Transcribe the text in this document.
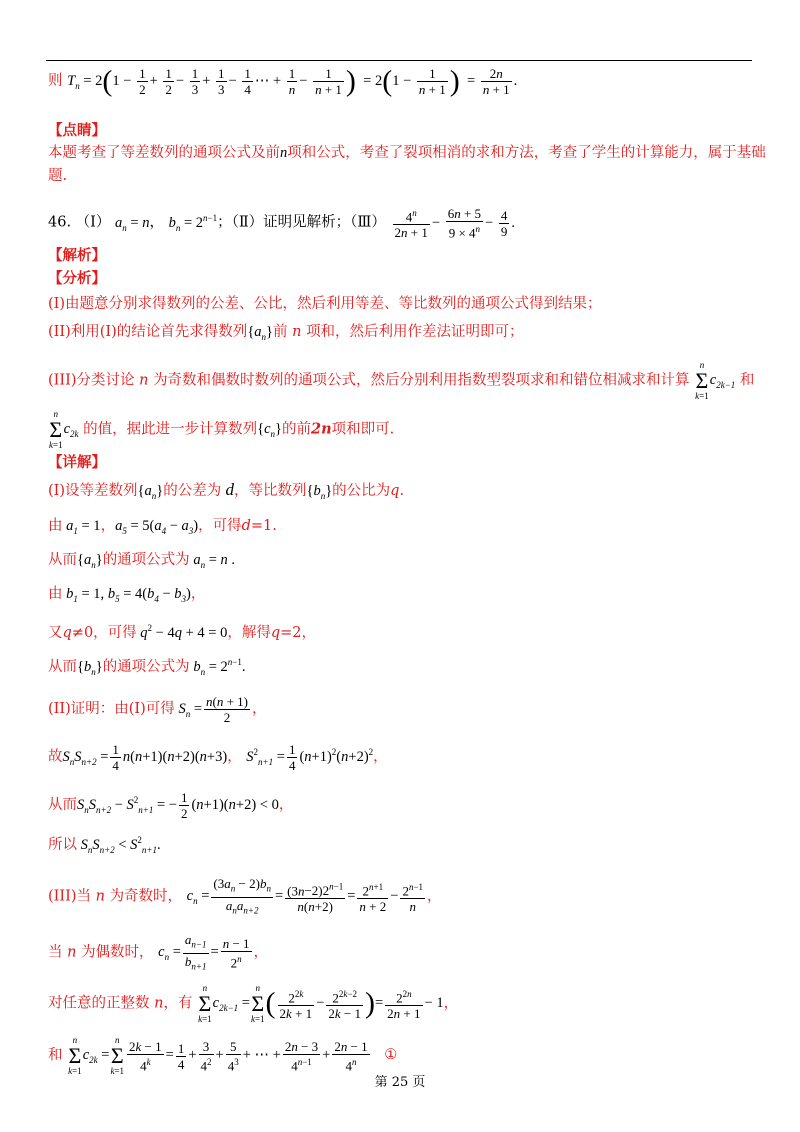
则 $T_n = 2(1 - \frac{1}{2} + \frac{1}{2} - \frac{1}{3} + \frac{1}{3} - \frac{1}{4}$ ⋯ + $\frac{1}{n} - \frac{1}{n + 1}$ )  = $2(1 - \frac{1}{n + 1}$ )  = $\frac{2n}{n + 1}$ .
【点睛】
本题考查了等差数列的通项公式及前n项和公式，考查了裂项相消的求和方法，考查了学生的计算能力，属于基础
题.
46. （Ⅰ） $a_n = n$， $b_n = 2^{n-1}$；（Ⅱ）证明见解析；（Ⅲ） $\frac{4^n}{2n + 1} - \frac{6n + 5}{9 \times 4^n} - \frac{4}{9}$ .
【解析】
【分析】
(I)由题意分别求得数列的公差、公比，然后利用等差、等比数列的通项公式得到结果；
(II)利用(I)的结论首先求得数列$\{a_n\}$前 n 项和，然后利用作差法证明即可；
(III)分类讨论 n 为奇数和偶数时数列的通项公式，然后分别利用指数型裂项求和和错位相减求和计算 n
Σ
$k=1c_{2k-1}$ 和
n
Σ
$k=1c_{2k}$ 的值，据此进一步计算数列$\{c_n\}$的前2n项和即可.
【详解】
(I)设等差数列$\{a_n\}$的公差为 d，等比数列$\{b_n\}$的公比为q.
由 $a_1 = 1$，$a_5 = 5(a_4 - a_3)$，可得d=1.
从而$\{a_n\}$的通项公式为 $a_n = n$ .
由 $b_1 = 1$, $b_5 = 4(b_4 - b_3)$，
又q≠0，可得 $q^2 - 4q + 4 = 0$，解得q=2，
从而$\{b_n\}$的通项公式为 $b_n = 2^{n-1}$.
(II)证明：由(I)可得 $S_n = \frac{n(n + 1)}{2}$ ，
故$S_nS_{n+2} = \frac{1}{4} n(n+1)(n+2)(n+3)$， $S^2_{n+1} = \frac{1}{4} (n+1)^2(n+2)^2$，
从而$S_nS_{n+2} - S^2_{n+1}$ = − $\frac{1}{2} (n+1)(n+2) < 0$，
所以 $S_nS_{n+2} < S^2_{n+1}$.
(III)当 n 为奇数时， $c_n = \frac{(3a_n - 2)b_n}{a_na_{n+2}} = \frac{(3n-2)2^{n-1}}{n(n+2)} = \frac{2^{n+1}}{n + 2} - \frac{2^{n-1}}{n}$ ，
当 n 为偶数时， $c_n = \frac{a_{n-1}}{b_{n+1}} = \frac{n - 1}{2^n}$ ，
对任意的正整数 n，有 n
Σ
$k=1c_{2k-1} =n$
Σ
$k=1( \frac{2^{2k}}{2k + 1} - \frac{2^{2k-2}}{2k - 1}$ )= $\frac{2^{2n}}{2n + 1} - 1$，
和 n
Σ
$k=1c_{2k} =n$
Σ
$k=1 \frac{2k - 1}{4^k} = \frac{1}{4} + \frac{3}{4^2} + \frac{5}{4^3}$ + ⋯ + $\frac{2n - 3}{4^{n-1}} + \frac{2n - 1}{4^n}$ ①
第 25 页
